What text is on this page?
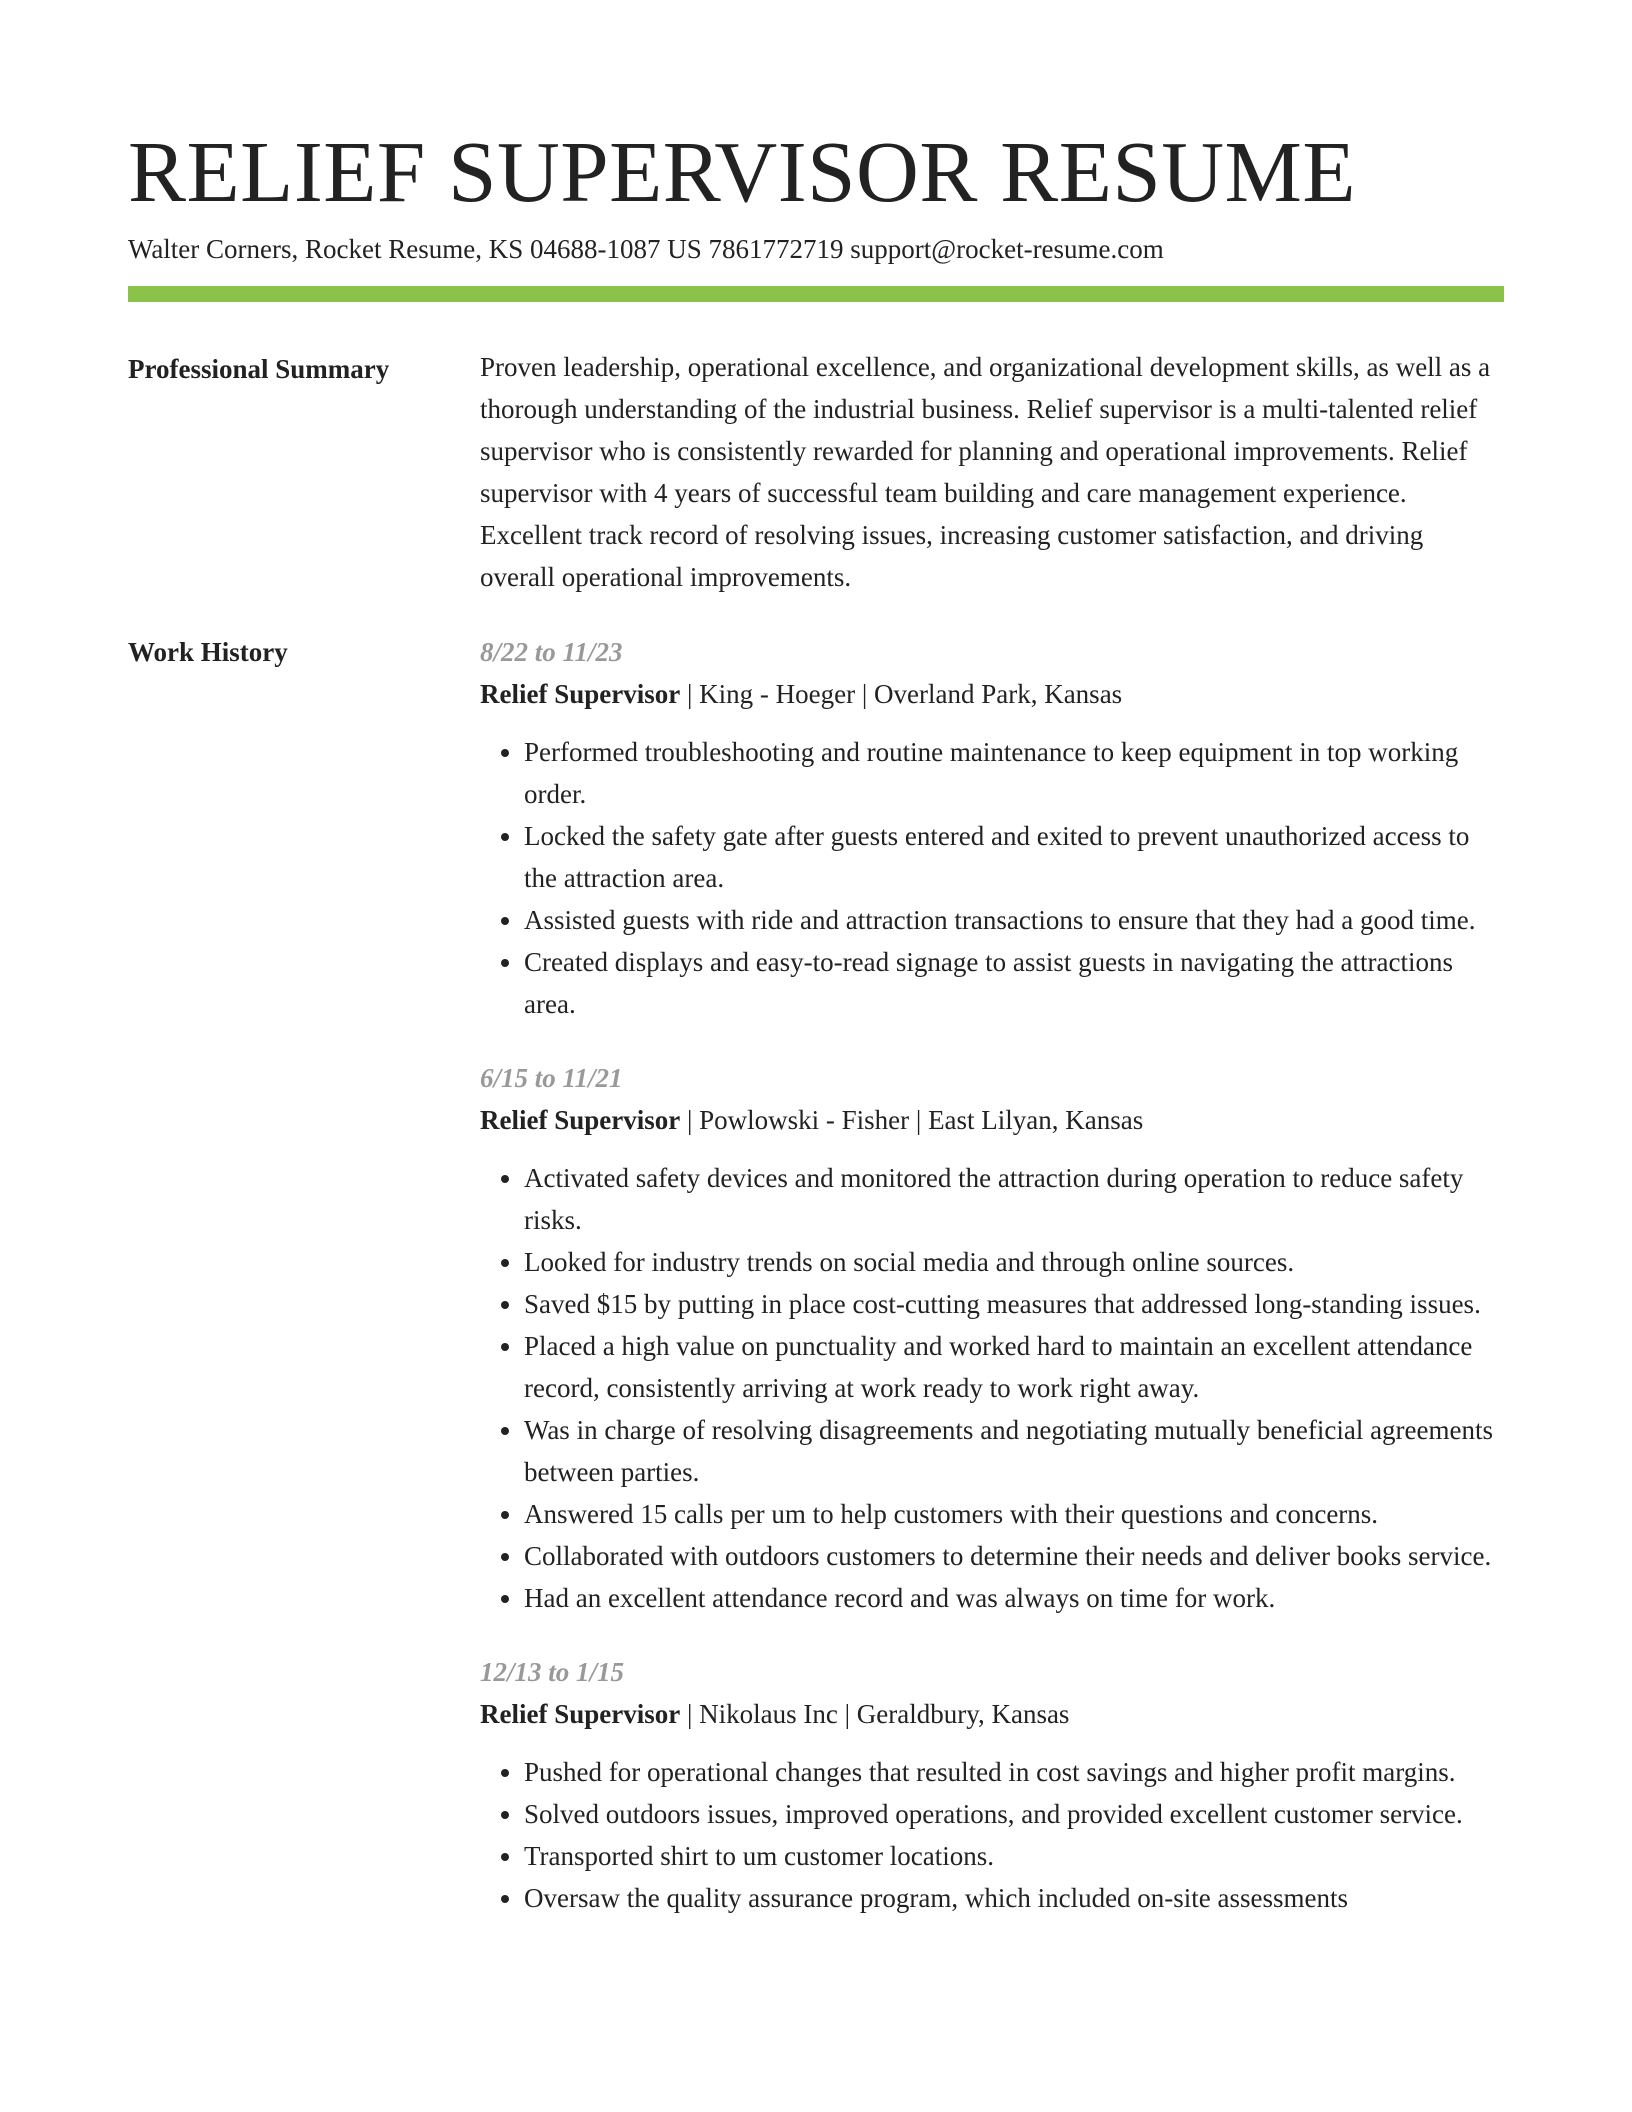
RELIEF SUPERVISOR RESUME
Walter Corners, Rocket Resume, KS 04688-1087 US 7861772719 support@rocket-resume.com
Professional Summary	Proven leadership, operational excellence, and organizational development skills, as well as a thorough understanding of the industrial business. Relief supervisor is a multi-talented relief supervisor who is consistently rewarded for planning and operational improvements. Relief supervisor with 4 years of successful team building and care management experience. Excellent track record of resolving issues, increasing customer satisfaction, and driving overall operational improvements.

Work History	8/22 to 11/23
Relief Supervisor | King - Hoeger | Overland Park, Kansas
• Performed troubleshooting and routine maintenance to keep equipment in top working order.
• Locked the safety gate after guests entered and exited to prevent unauthorized access to the attraction area.
• Assisted guests with ride and attraction transactions to ensure that they had a good time.
• Created displays and easy-to-read signage to assist guests in navigating the attractions area.
6/15 to 11/21
Relief Supervisor | Powlowski - Fisher | East Lilyan, Kansas
• Activated safety devices and monitored the attraction during operation to reduce safety risks.
• Looked for industry trends on social media and through online sources.
• Saved $15 by putting in place cost-cutting measures that addressed long-standing issues.
• Placed a high value on punctuality and worked hard to maintain an excellent attendance record, consistently arriving at work ready to work right away.
• Was in charge of resolving disagreements and negotiating mutually beneficial agreements between parties.
• Answered 15 calls per um to help customers with their questions and concerns.
• Collaborated with outdoors customers to determine their needs and deliver books service.
• Had an excellent attendance record and was always on time for work.
12/13 to 1/15
Relief Supervisor | Nikolaus Inc | Geraldbury, Kansas
• Pushed for operational changes that resulted in cost savings and higher profit margins.
• Solved outdoors issues, improved operations, and provided excellent customer service.
• Transported shirt to um customer locations.
• Oversaw the quality assurance program, which included on-site assessments
